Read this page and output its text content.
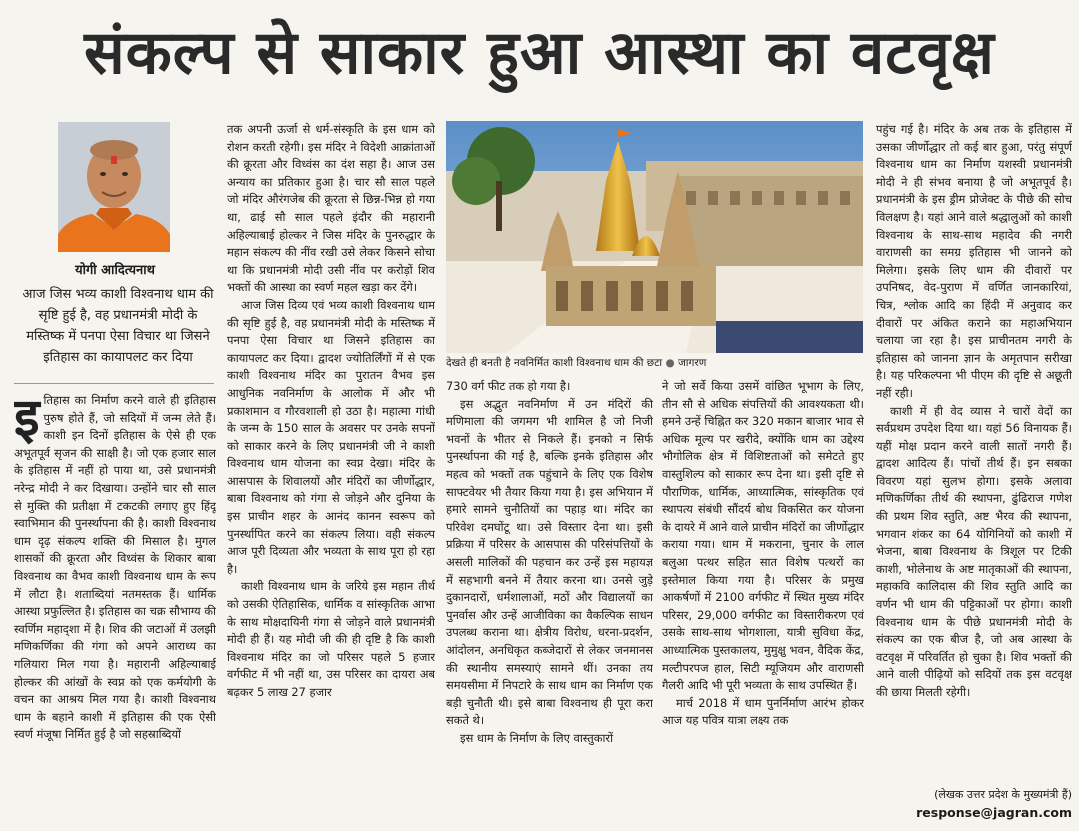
संकल्प से साकार हुआ आस्था का वटवृक्ष
योगी आदित्यनाथ
आज जिस भव्य काशी विश्वनाथ धाम की सृष्टि हुई है, वह प्रधानमंत्री मोदी के मस्तिष्क में पनपा ऐसा विचार था जिसने इतिहास का कायापलट कर दिया

इतिहास का निर्माण करने वाले ही इतिहास पुरुष होते हैं, जो सदियों में जन्म लेते हैं। काशी इन दिनों इतिहास के ऐसे ही एक अभूतपूर्व सृजन की साक्षी है। जो एक हजार साल के इतिहास में नहीं हो पाया था, उसे प्रधानमंत्री नरेन्द्र मोदी ने कर दिखाया। उन्होंने चार सौ साल से मुक्ति की प्रतीक्षा में टकटकी लगाए हुए हिंदू स्वाभिमान की पुनर्स्थापना की है। काशी विश्वनाथ धाम दृढ़ संकल्प शक्ति की मिसाल है। मुगल शासकों की क्रूरता और विध्वंस के शिकार बाबा विश्वनाथ का वैभव काशी विश्वनाथ धाम के रूप में लौटा है। शताब्दियां नतमस्तक हैं। धार्मिक आस्था प्रफुल्लित है। इतिहास का चक्र सौभाग्य की स्वर्णिम महाद्शा में है। शिव की जटाओं में उलझी मणिकर्णिका की गंगा को अपने आराध्य का गलियारा मिल गया है। महारानी अहिल्याबाई होल्कर की आंखों के स्वप्न को एक कर्मयोगी के वचन का आश्रय मिल गया है। काशी विश्वनाथ धाम के बहाने काशी में इतिहास की एक ऐसी स्वर्ण मंजूषा निर्मित हुई है जो सहस्राब्दियों

तक अपनी ऊर्जा से धर्म-संस्कृति के इस धाम को रोशन करती रहेगी। इस मंदिर ने विदेशी आक्रांताओं की क्रूरता और विध्वंस का दंश सहा है। आज उस अन्याय का प्रतिकार हुआ है। चार सौ साल पहले जो मंदिर औरंगजेब की क्रूरता से छिन्न-भिन्न हो गया था, ढाई सौ साल पहले इंदौर की महारानी अहिल्याबाई होल्कर ने जिस मंदिर के पुनरुद्धार के महान संकल्प की नींव रखी उसे लेकर किसने सोचा था कि प्रधानमंत्री मोदी उसी नींव पर करोड़ों शिव भक्तों की आस्था का स्वर्ण महल खड़ा कर देंगे।

आज जिस दिव्य एवं भव्य काशी विश्वनाथ धाम की सृष्टि हुई है, वह प्रधानमंत्री मोदी के मस्तिष्क में पनपा ऐसा विचार था जिसने इतिहास का कायापलट कर दिया। द्वादश ज्योतिर्लिंगों में से एक काशी विश्वनाथ मंदिर का पुरातन वैभव इस आधुनिक नवनिर्माण के आलोक में और भी प्रकाशमान व गौरवशाली हो उठा है। महात्मा गांधी के जन्म के 150 साल के अवसर पर उनके सपनों को साकार करने के लिए प्रधानमंत्री जी ने काशी विश्वनाथ धाम योजना का स्वप्न देखा। मंदिर के आसपास के शिवालयों और मंदिरों का जीर्णोद्धार, बाबा विश्वनाथ को गंगा से जोड़ने और दुनिया के इस प्राचीन शहर के आनंद कानन स्वरूप को पुनर्स्थापित करने का संकल्प लिया। वही संकल्प आज पूरी दिव्यता और भव्यता के साथ पूरा हो रहा है।

काशी विश्वनाथ धाम के जरिये इस महान तीर्थ को उसकी ऐतिहासिक, धार्मिक व सांस्कृतिक आभा के साथ मोक्षदायिनी गंगा से जोड़ने वाले प्रधानमंत्री मोदी ही हैं। यह मोदी जी की ही दृष्टि है कि काशी विश्वनाथ मंदिर का जो परिसर पहले 5 हजार वर्गफीट में भी नहीं था, उस परिसर का दायरा अब बढ़कर 5 लाख 27 हजार

देखते ही बनती है नवनिर्मित काशी विश्वनाथ धाम की छटा ● जागरण

730 वर्ग फीट तक हो गया है।

इस अद्भुत नवनिर्माण में उन मंदिरों की मणिमाला की जगमग भी शामिल है जो निजी भवनों के भीतर से निकले हैं। इनको न सिर्फ पुनर्स्थापना की गई है, बल्कि इनके इतिहास और महत्व को भक्तों तक पहुंचाने के लिए एक विशेष साफ्टवेयर भी तैयार किया गया है। इस अभियान में हमारे सामने चुनौतियों का पहाड़ था। मंदिर का परिवेश दमघोंटू था। उसे विस्तार देना था। इसी प्रक्रिया में परिसर के आसपास की परिसंपत्तियों के असली मालिकों की पहचान कर उन्हें इस महायज्ञ में सहभागी बनने में तैयार करना था। उनसे जुड़े दुकानदारों, धर्मशालाओं, मठों और विद्यालयों का पुनर्वास और उन्हें आजीविका का वैकल्पिक साधन उपलब्ध कराना था। क्षेत्रीय विरोध, धरना-प्रदर्शन, आंदोलन, अनधिकृत कब्जेदारों से लेकर जनमानस की स्थानीय समस्याएं सामने थीं। उनका तय समयसीमा में निपटारे के साथ धाम का निर्माण एक बड़ी चुनौती थी। इसे बाबा विश्वनाथ ही पूरा करा सकते थे।

इस धाम के निर्माण के लिए वास्तुकारों

ने जो सर्वे किया उसमें वांछित भूभाग के लिए, तीन सौ से अधिक संपत्तियों की आवश्यकता थी। हमने उन्हें चिह्नित कर 320 मकान बाजार भाव से अधिक मूल्य पर खरीदे, क्योंकि धाम का उद्देश्य भौगोलिक क्षेत्र में विशिष्टताओं को समेटते हुए वास्तुशिल्प को साकार रूप देना था। इसी दृष्टि से पौराणिक, धार्मिक, आध्यात्मिक, सांस्कृतिक एवं स्थापत्य संबंधी सौंदर्य बोध विकसित कर योजना के दायरे में आने वाले प्राचीन मंदिरों का जीर्णोद्धार कराया गया। धाम में मकराना, चुनार के लाल बलुआ पत्थर सहित सात विशेष पत्थरों का इस्तेमाल किया गया है। परिसर के प्रमुख आकर्षणों में 2100 वर्गफीट में स्थित मुख्य मंदिर परिसर, 29,000 वर्गफीट का विस्तारीकरण एवं उसके साथ-साथ भोगशाला, यात्री सुविधा केंद्र, आध्यात्मिक पुस्तकालय, मुमुक्षु भवन, वैदिक केंद्र, मल्टीपरपज हाल, सिटी म्यूजियम और वाराणसी गैलरी आदि भी पूरी भव्यता के साथ उपस्थित हैं।

मार्च 2018 में धाम पुनर्निर्माण आरंभ होकर आज यह पवित्र यात्रा लक्ष्य तक

पहुंच गई है। मंदिर के अब तक के इतिहास में उसका जीर्णोद्धार तो कई बार हुआ, परंतु संपूर्ण विश्वनाथ धाम का निर्माण यशस्वी प्रधानमंत्री मोदी ने ही संभव बनाया है जो अभूतपूर्व है। प्रधानमंत्री के इस ड्रीम प्रोजेक्ट के पीछे की सोच विलक्षण है। यहां आने वाले श्रद्धालुओं को काशी विश्वनाथ के साथ-साथ महादेव की नगरी वाराणसी का समग्र इतिहास भी जानने को मिलेगा। इसके लिए धाम की दीवारों पर उपनिषद, वेद-पुराण में वर्णित जानकारियां, चित्र, श्लोक आदि का हिंदी में अनुवाद कर दीवारों पर अंकित कराने का महाअभियान चलाया जा रहा है। इस प्राचीनतम नगरी के इतिहास को जानना ज्ञान के अमृतपान सरीखा है। यह परिकल्पना भी पीएम की दृष्टि से अछूती नहीं रही।

काशी में ही वेद व्यास ने चारों वेदों का सर्वप्रथम उपदेश दिया था। यहां 56 विनायक हैं। यहीं मोक्ष प्रदान करने वाली सातों नगरी हैं। द्वादश आदित्य हैं। पांचों तीर्थ हैं। इन सबका विवरण यहां सुलभ होगा। इसके अलावा मणिकर्णिका तीर्थ की स्थापना, ढुंढिराज गणेश की प्रथम शिव स्तुति, अष्ट भैरव की स्थापना, भगवान शंकर का 64 योगिनियों को काशी में भेजना, बाबा विश्वनाथ के त्रिशूल पर टिकी काशी, भोलेनाथ के अष्ट मातृकाओं की स्थापना, महाकवि कालिदास की शिव स्तुति आदि का वर्णन भी धाम की पट्टिकाओं पर होगा। काशी विश्वनाथ धाम के पीछे प्रधानमंत्री मोदी के संकल्प का एक बीज है, जो अब आस्था के वटवृक्ष में परिवर्तित हो चुका है। शिव भक्तों की आने वाली पीढ़ियों को सदियों तक इस वटवृक्ष की छाया मिलती रहेगी।

(लेखक उत्तर प्रदेश के मुख्यमंत्री हैं)
response@jagran.com
